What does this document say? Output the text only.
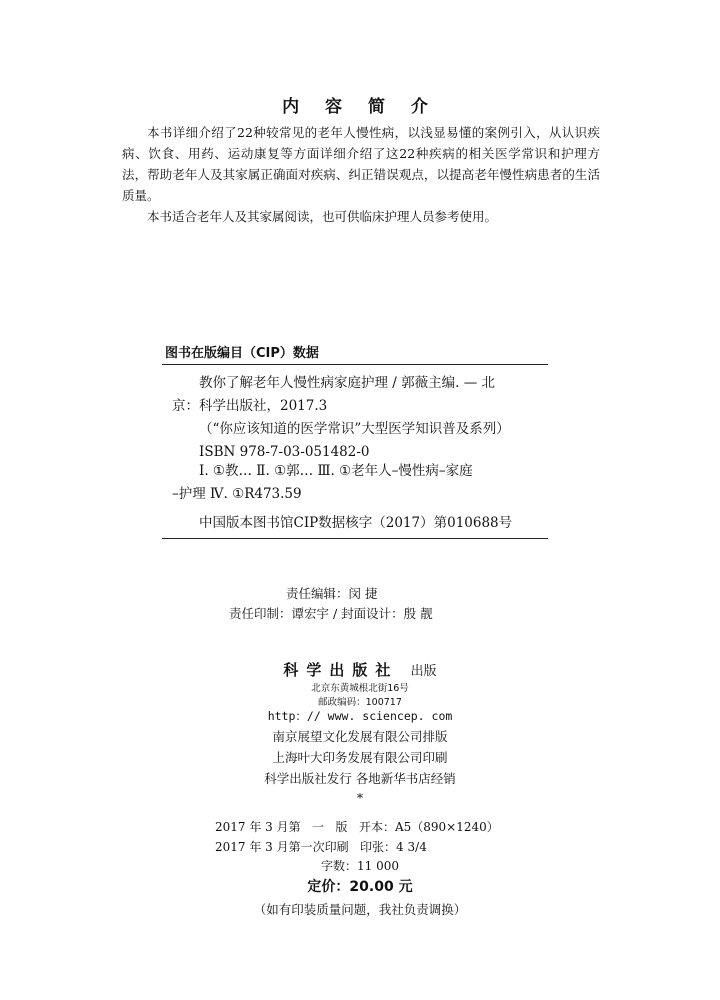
内 容 简 介

本书详细介绍了22种较常见的老年人慢性病，以浅显易懂的案例引入，从认识疾病、饮食、用药、运动康复等方面详细介绍了这22种疾病的相关医学常识和护理方法，帮助老年人及其家属正确面对疾病、纠正错误观点，以提高老年慢性病患者的生活质量。

本书适合老年人及其家属阅读，也可供临床护理人员参考使用。

图书在版编目（CIP）数据

教你了解老年人慢性病家庭护理 / 郭薇主编. — 北

京：科学出版社，2017.3

（“你应该知道的医学常识”大型医学知识普及系列）

ISBN 978-7-03-051482-0

Ⅰ. ①教… Ⅱ. ①郭… Ⅲ. ①老年人–慢性病–家庭

–护理 Ⅳ. ①R473.59

中国版本图书馆CIP数据核字（2017）第010688号

责任编辑：闵 捷
责任印制：谭宏宇 / 封面设计：殷 靓
科学出版社 出版
北京东黄城根北街16号
邮政编码：100717
http：// www. sciencep. com
南京展望文化发展有限公司排版
上海叶大印务发展有限公司印刷
科学出版社发行 各地新华书店经销
*
2017 年 3 月第   一   版   开本：A5（890×1240）
2017 年 3 月第一次印刷   印张：4 3/4
字数：11 000
定价：20.00 元
（如有印装质量问题，我社负责调换）
